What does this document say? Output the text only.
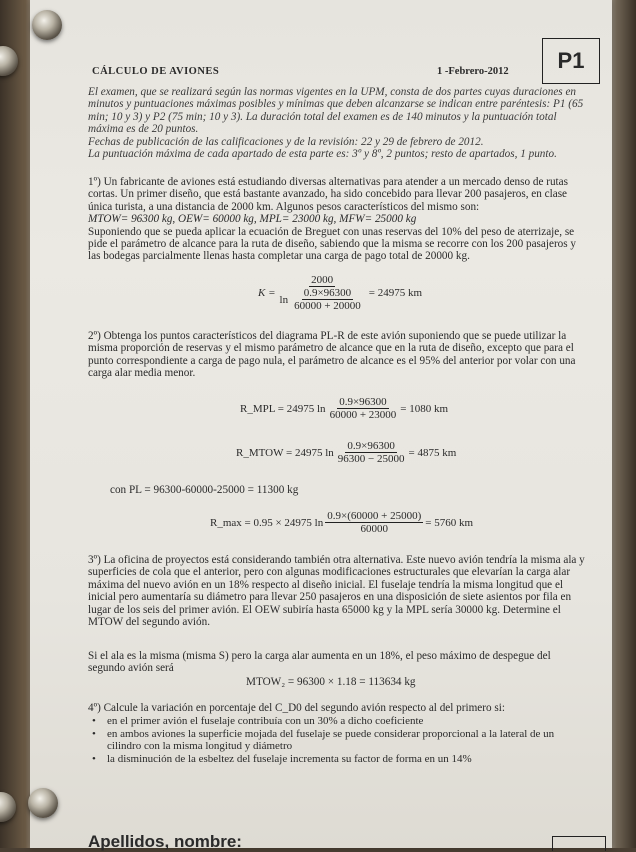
CÁLCULO DE AVIONES	1 -Febrero-2012 P1

El examen, que se realizará según las normas vigentes en la UPM, consta de dos partes cuyas duraciones en minutos y puntuaciones máximas posibles y mínimas que deben alcanzarse se indican entre paréntesis: P1 (65 min; 10 y 3) y P2 (75 min; 10 y 3). La duración total del examen es de 140 minutos y la puntuación total máxima es de 20 puntos.

Fechas de publicación de las calificaciones y de la revisión: 22 y 29 de febrero de 2012.

La puntuación máxima de cada apartado de esta parte es: 3º y 8º, 2 puntos; resto de apartados, 1 punto.

1º) Un fabricante de aviones está estudiando diversas alternativas para atender a un mercado denso de rutas cortas. Un primer diseño, que está bastante avanzado, ha sido concebido para llevar 200 pasajeros, en clase única turista, a una distancia de 2000 km. Algunos pesos característicos del mismo son:

MTOW= 96300 kg, OEW= 60000 kg, MPL= 23000 kg, MFW= 25000 kg

Suponiendo que se pueda aplicar la ecuación de Breguet con unas reservas del 10% del peso de aterrizaje, se pide el parámetro de alcance para la ruta de diseño, sabiendo que la misma se recorre con los 200 pasajeros y las bodegas parcialmente llenas hasta completar una carga de pago total de 20000 kg.

$K = \frac{2000}{\ln \frac{0.9\times 96300}{60000 + 20000}} = 24975$ km

2º) Obtenga los puntos característicos del diagrama PL-R de este avión suponiendo que se puede utilizar la misma proporción de reservas y el mismo parámetro de alcance que en la ruta de diseño, excepto que para el punto correspondiente a carga de pago nula, el parámetro de alcance es el 95% del anterior por volar con una carga alar media menor.

R_MPL = 24975 $\ln \frac{0.9\times 96300}{60000 + 23000} = 1080$ km
R_MTOW = 24975 $\ln \frac{0.9\times 96300}{96300 - 25000} = 4875$ km
con PL = 96300-60000-25000 = 11300 kg
R_max = 0.95 × 24975 $\ln \frac{0.9\times(60000 + 25000)}{60000} = 5760$ km

3º) La oficina de proyectos está considerando también otra alternativa. Este nuevo avión tendría la misma ala y superficies de cola que el anterior, pero con algunas modificaciones estructurales que elevarían la carga alar máxima del nuevo avión en un 18% respecto al diseño inicial. El fuselaje tendría la misma longitud que el inicial pero aumentaría su diámetro para llevar 250 pasajeros en una disposición de siete asientos por fila en lugar de los seis del primer avión. El OEW subiría hasta 65000 kg y la MPL sería 30000 kg. Determine el MTOW del segundo avión.

Si el ala es la misma (misma S) pero la carga alar aumenta en un 18%, el peso máximo de despegue del segundo avión será

MTOW₂ = 96300 × 1.18 = 113634 kg

4º) Calcule la variación en porcentaje del C_D0 del segundo avión respecto al del primero si:

• en el primer avión el fuselaje contribuía con un 30% a dicho coeficiente
• en ambos aviones la superficie mojada del fuselaje se puede considerar proporcional a la lateral de un cilindro con la misma longitud y diámetro
• la disminución de la esbeltez del fuselaje incrementa su factor de forma en un 14%
Apellidos, nombre:
